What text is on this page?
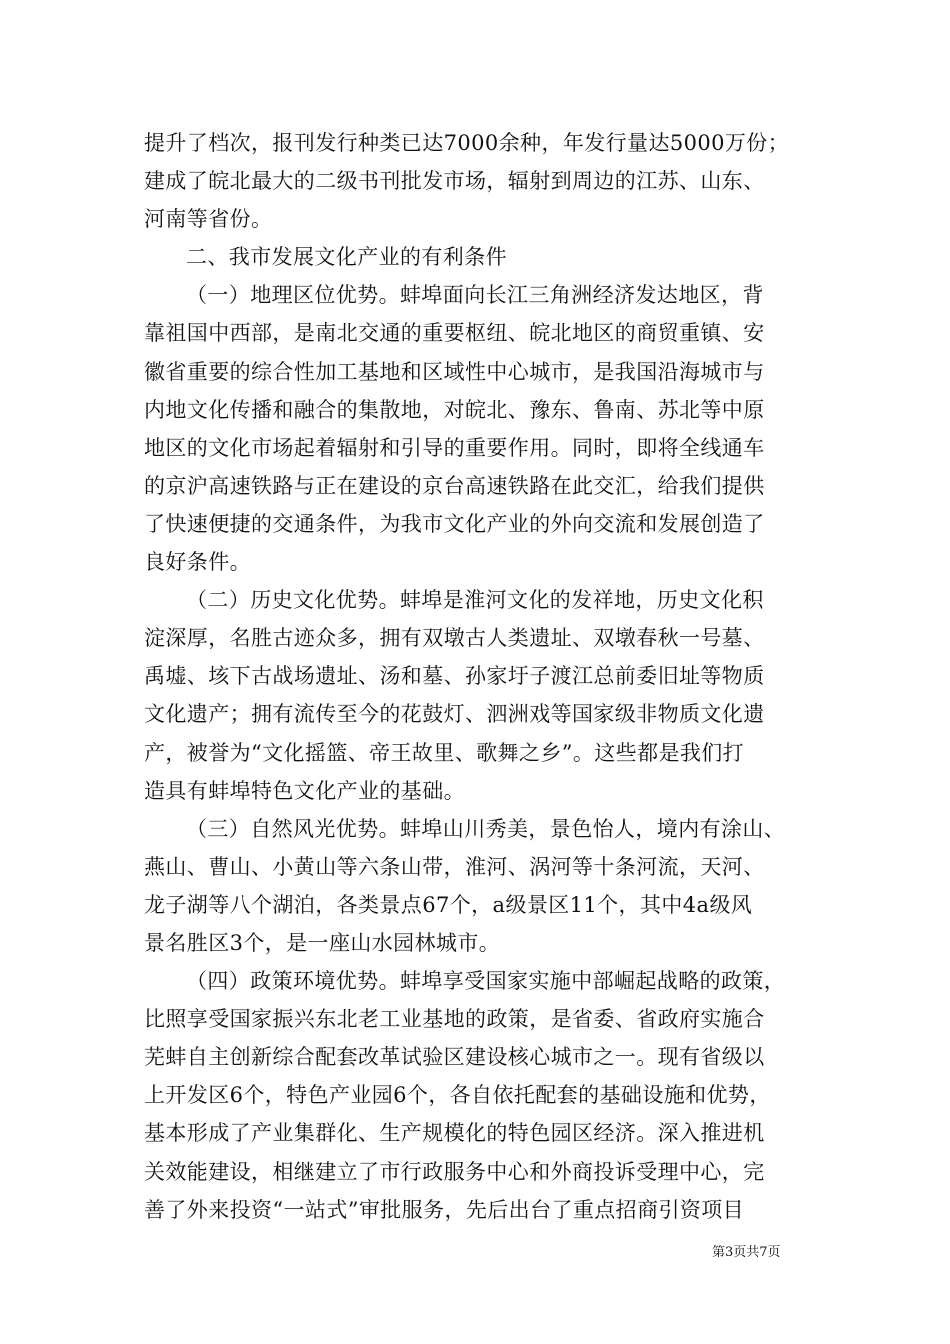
提升了档次，报刊发行种类已达7000余种，年发行量达5000万份；
建成了皖北最大的二级书刊批发市场，辐射到周边的江苏、山东、
河南等省份。
二、我市发展文化产业的有利条件
（一）地理区位优势。蚌埠面向长江三角洲经济发达地区，背
靠祖国中西部，是南北交通的重要枢纽、皖北地区的商贸重镇、安
徽省重要的综合性加工基地和区域性中心城市，是我国沿海城市与
内地文化传播和融合的集散地，对皖北、豫东、鲁南、苏北等中原
地区的文化市场起着辐射和引导的重要作用。同时，即将全线通车
的京沪高速铁路与正在建设的京台高速铁路在此交汇，给我们提供
了快速便捷的交通条件，为我市文化产业的外向交流和发展创造了
良好条件。
（二）历史文化优势。蚌埠是淮河文化的发祥地，历史文化积
淀深厚，名胜古迹众多，拥有双墩古人类遗址、双墩春秋一号墓、
禹墟、垓下古战场遗址、汤和墓、孙家圩子渡江总前委旧址等物质
文化遗产；拥有流传至今的花鼓灯、泗洲戏等国家级非物质文化遗
产，被誉为“文化摇篮、帝王故里、歌舞之乡”。这些都是我们打
造具有蚌埠特色文化产业的基础。
（三）自然风光优势。蚌埠山川秀美，景色怡人，境内有涂山、
燕山、曹山、小黄山等六条山带，淮河、涡河等十条河流，天河、
龙子湖等八个湖泊，各类景点67个，a级景区11个，其中4a级风
景名胜区3个，是一座山水园林城市。
（四）政策环境优势。蚌埠享受国家实施中部崛起战略的政策，
比照享受国家振兴东北老工业基地的政策，是省委、省政府实施合
芜蚌自主创新综合配套改革试验区建设核心城市之一。现有省级以
上开发区6个，特色产业园6个，各自依托配套的基础设施和优势，
基本形成了产业集群化、生产规模化的特色园区经济。深入推进机
关效能建设，相继建立了市行政服务中心和外商投诉受理中心，完
善了外来投资“一站式”审批服务，先后出台了重点招商引资项目
第3页共7页
